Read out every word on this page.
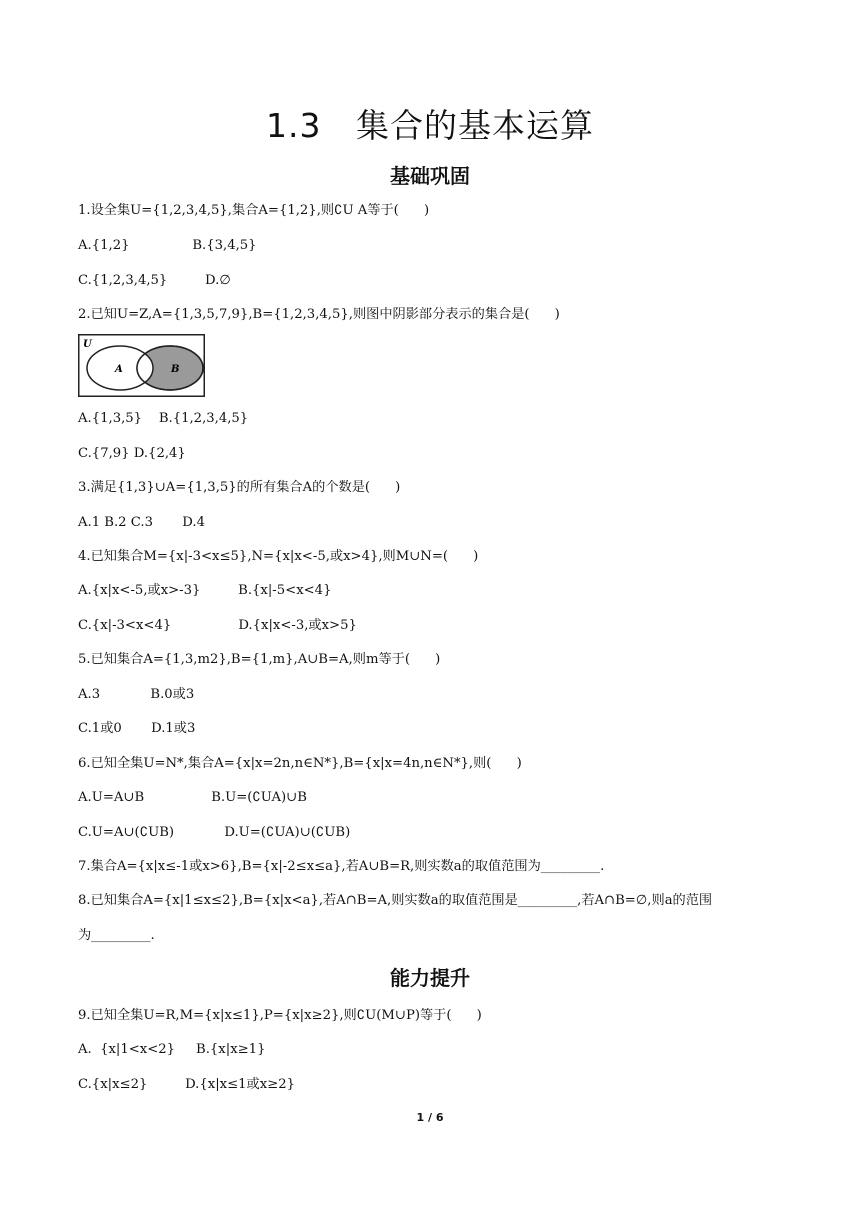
1.3   集合的基本运算
基础巩固
1.设全集U={1,2,3,4,5},集合A={1,2},则∁U A等于(      )
A.{1,2}               B.{3,4,5}
C.{1,2,3,4,5}         D.∅
2.已知U=Z,A={1,3,5,7,9},B={1,2,3,4,5},则图中阴影部分表示的集合是(      )
U
A	B
A.{1,3,5}    B.{1,2,3,4,5}
C.{7,9} D.{2,4}
3.满足{1,3}∪A={1,3,5}的所有集合A的个数是(      )
A.1 B.2 C.3       D.4
4.已知集合M={x|-3<x≤5},N={x|x<-5,或x>4},则M∪N=(      )
A.{x|x<-5,或x>-3}         B.{x|-5<x<4}
C.{x|-3<x<4}                D.{x|x<-3,或x>5}
5.已知集合A={1,3,m2},B={1,m},A∪B=A,则m等于(      )
A.3            B.0或3
C.1或0       D.1或3
6.已知全集U=N*,集合A={x|x=2n,n∈N*},B={x|x=4n,n∈N*},则(      )
A.U=A∪B                B.U=(∁UA)∪B
C.U=A∪(∁UB)            D.U=(∁UA)∪(∁UB)
7.集合A={x|x≤-1或x>6},B={x|-2≤x≤a},若A∪B=R,则实数a的取值范围为_________.
8.已知集合A={x|1≤x≤2},B={x|x<a},若A∩B=A,则实数a的取值范围是_________,若A∩B=∅,则a的范围
为_________.
能力提升
9.已知全集U=R,M={x|x≤1},P={x|x≥2},则∁U(M∪P)等于(      )
A.  {x|1<x<2}     B.{x|x≥1}
C.{x|x≤2}         D.{x|x≤1或x≥2}
1 / 6
